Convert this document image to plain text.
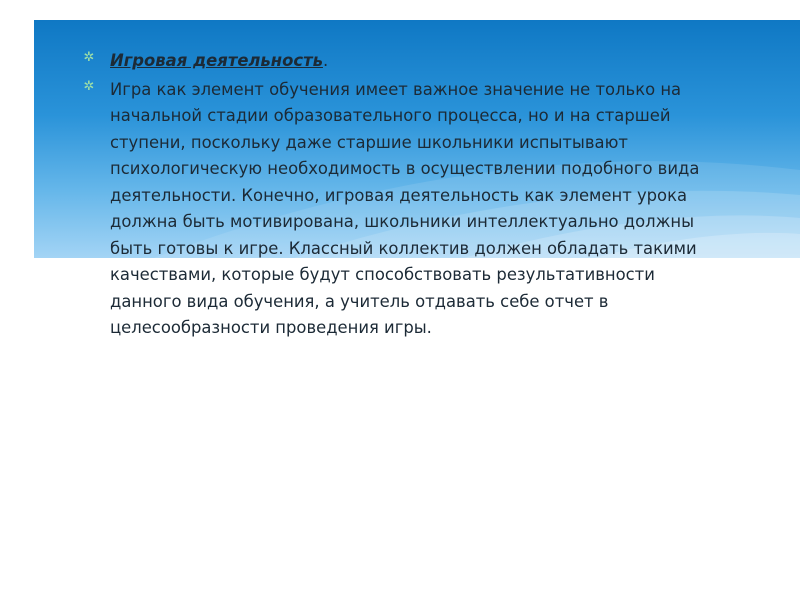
✲ Игровая деятельность.
✲ Игра как элемент обучения имеет важное значение не только на начальной стадии образовательного процесса, но и на старшей ступени, поскольку даже старшие школьники испытывают психологическую необходимость в осуществлении подобного вида деятельности. Конечно, игровая деятельность как элемент урока должна быть мотивирована, школьники интеллектуально должны быть готовы к игре. Классный коллектив должен обладать такими качествами, которые будут способствовать результативности данного вида обучения, а учитель отдавать себе отчет в целесообразности проведения игры.
